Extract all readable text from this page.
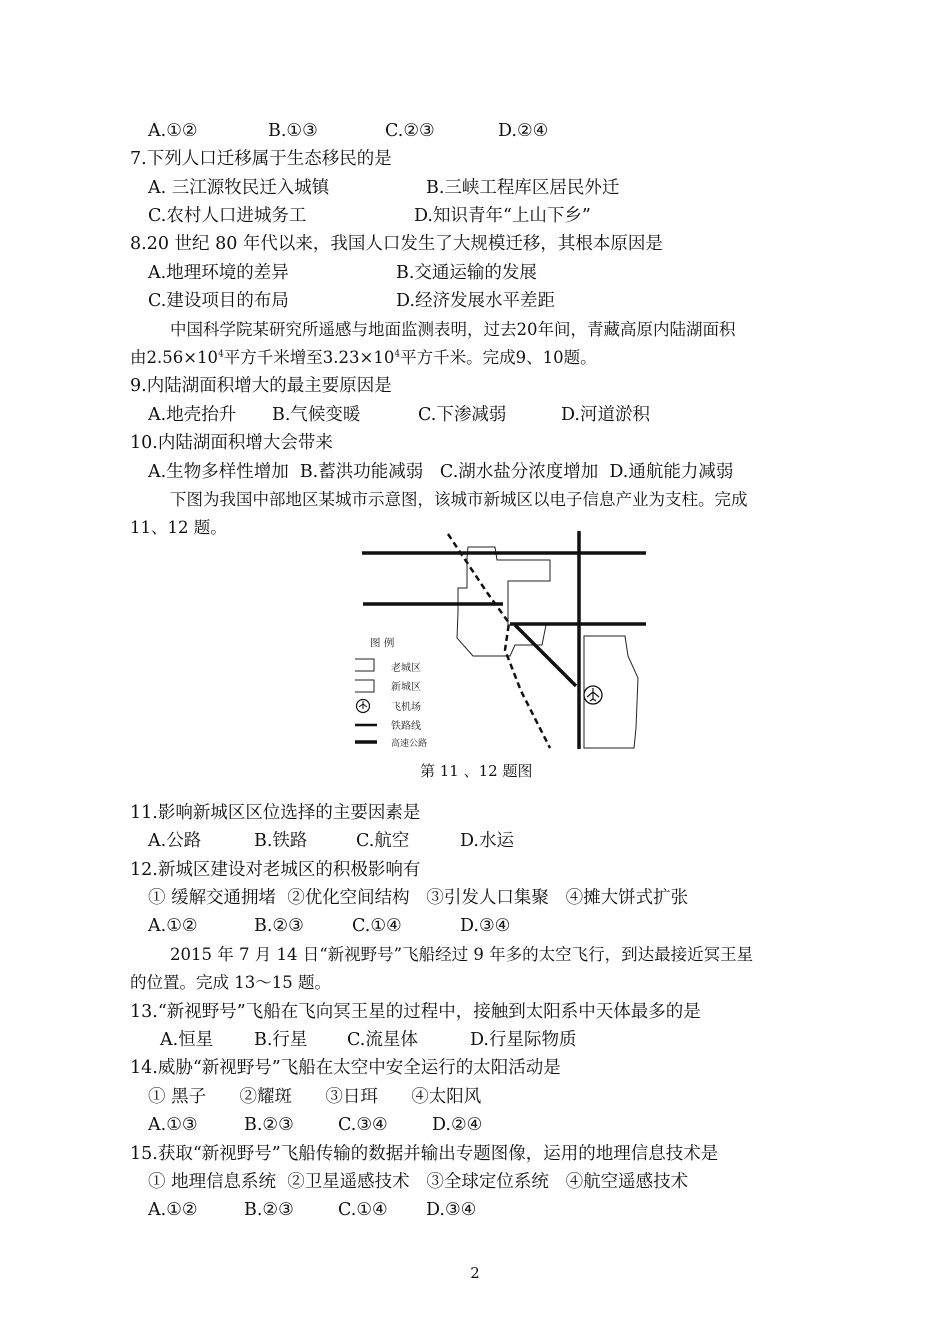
A.①②	B.①③	C.②③	D.②④
7.下列人口迁移属于生态移民的是
A. 三江源牧民迁入城镇	B.三峡工程库区居民外迁
C.农村人口进城务工	D.知识青年“上山下乡”
8.20 世纪 80 年代以来，我国人口发生了大规模迁移，其根本原因是
A.地理环境的差异	B.交通运输的发展
C.建设项目的布局	D.经济发展水平差距
中国科学院某研究所遥感与地面监测表明，过去20年间，青藏高原内陆湖面积
由$2.56\times 10^4$平方千米增至$3.23\times 10^4$平方千米。完成9、10题。
9.内陆湖面积增大的最主要原因是
A.地壳抬升 B.气候变暖	C.下渗减弱	D.河道淤积
10.内陆湖面积增大会带来
A.生物多样性增加  B.蓄洪功能减弱   C.湖水盐分浓度增加  D.通航能力减弱
下图为我国中部地区某城市示意图，该城市新城区以电子信息产业为支柱。完成
11、12 题。
图 例
老城区
新城区
飞机场
铁路线
高速公路
第 11 、12 题图
11.影响新城区区位选择的主要因素是
A.公路	B.铁路	C.航空	D.水运
12.新城区建设对老城区的积极影响有
① 缓解交通拥堵  ②优化空间结构   ③引发人口集聚   ④摊大饼式扩张
A.①②	B.②③	C.①④	D.③④
2015 年 7 月 14 日“新视野号”飞船经过 9 年多的太空飞行，到达最接近冥王星
的位置。完成 13～15 题。
13.“新视野号”飞船在飞向冥王星的过程中，接触到太阳系中天体最多的是
A.恒星 B.行星 C.流星体	D.行星际物质
14.威胁“新视野号”飞船在太空中安全运行的太阳活动是
① 黑子      ②耀斑      ③日珥      ④太阳风
A.①③	B.②③	C.③④	D.②④
15.获取“新视野号”飞船传输的数据并输出专题图像，运用的地理信息技术是
① 地理信息系统  ②卫星遥感技术   ③全球定位系统   ④航空遥感技术
A.①②	B.②③	C.①④ D.③④
2
